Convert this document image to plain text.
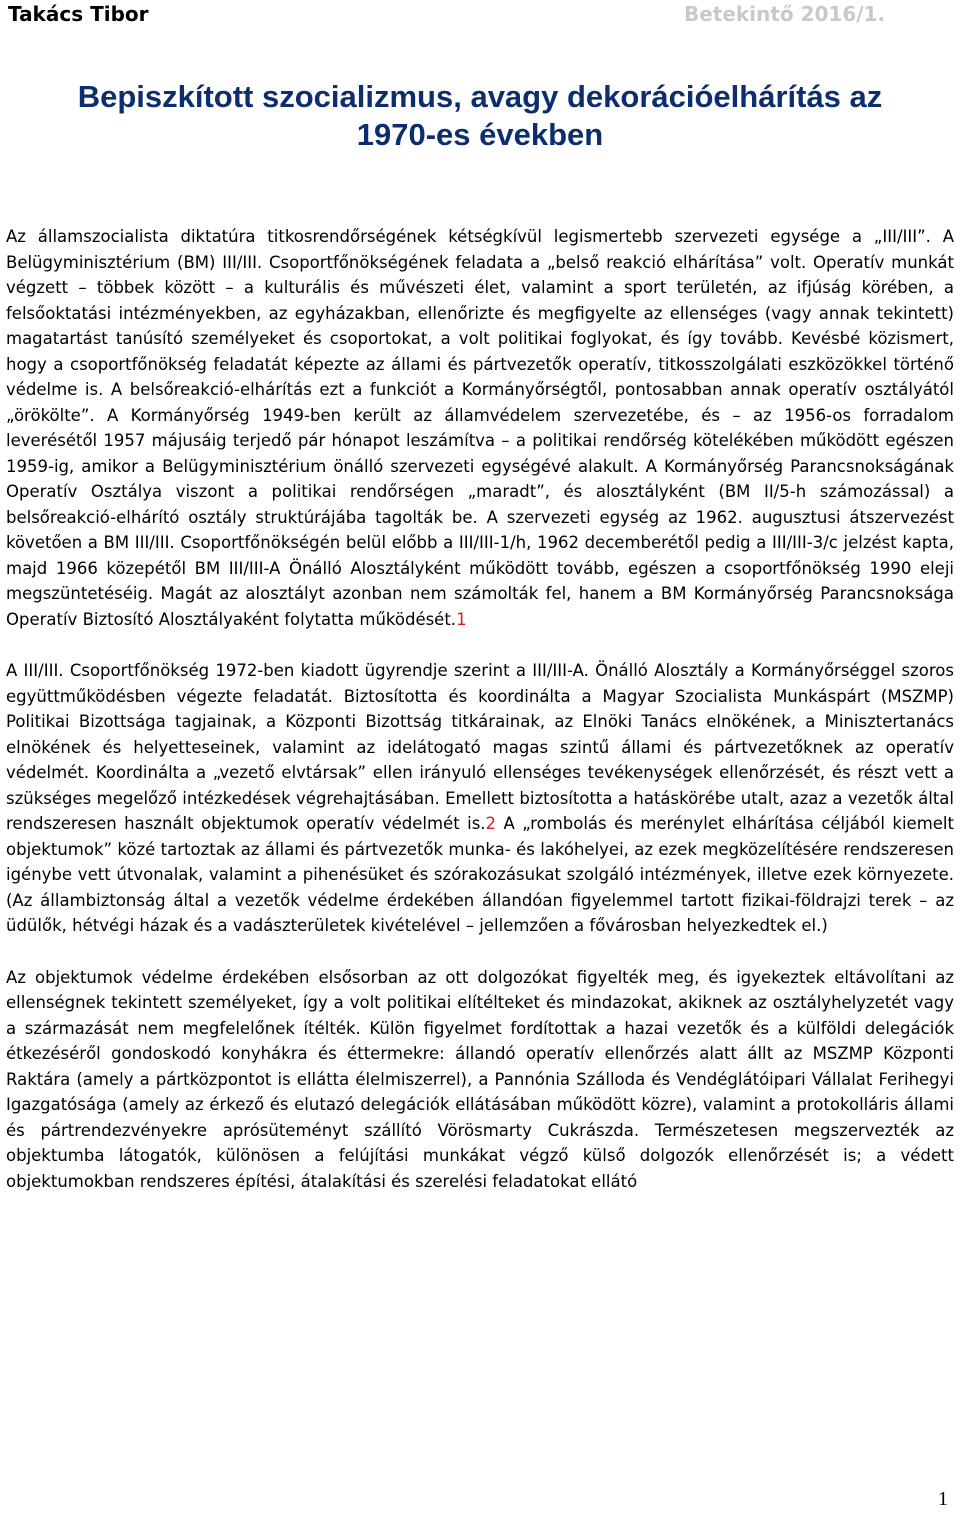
Takács Tibor	Betekintő 2016/1.
Bepiszkított szocializmus, avagy dekorációelhárítás az 1970-es években

Az államszocialista diktatúra titkosrendőrségének kétségkívül legismertebb szervezeti egysége a „III/III”. A Belügyminisztérium (BM) III/III. Csoportfőnökségének feladata a „belső reakció elhárítása” volt. Operatív munkát végzett – többek között – a kulturális és művészeti élet, valamint a sport területén, az ifjúság körében, a felsőoktatási intézményekben, az egyházakban, ellenőrizte és megfigyelte az ellenséges (vagy annak tekintett) magatartást tanúsító személyeket és csoportokat, a volt politikai foglyokat, és így tovább. Kevésbé közismert, hogy a csoportfőnökség feladatát képezte az állami és pártvezetők operatív, titkosszolgálati eszközökkel történő védelme is. A belsőreakció-elhárítás ezt a funkciót a Kormányőrségtől, pontosabban annak operatív osztályától „örökölte”. A Kormányőrség 1949-ben került az államvédelem szervezetébe, és – az 1956-os forradalom leverésétől 1957 májusáig terjedő pár hónapot leszámítva – a politikai rendőrség kötelékében működött egészen 1959-ig, amikor a Belügyminisztérium önálló szervezeti egységévé alakult. A Kormányőrség Parancsnokságának Operatív Osztálya viszont a politikai rendőrségen „maradt”, és alosztályként (BM II/5-h számozással) a belsőreakció-elhárító osztály struktúrájába tagolták be. A szervezeti egység az 1962. augusztusi átszervezést követően a BM III/III. Csoportfőnökségén belül előbb a III/III-1/h, 1962 decemberétől pedig a III/III-3/c jelzést kapta, majd 1966 közepétől BM III/III-A Önálló Alosztályként működött tovább, egészen a csoportfőnökség 1990 eleji megszüntetéséig. Magát az alosztályt azonban nem számolták fel, hanem a BM Kormányőrség Parancsnoksága Operatív Biztosító Alosztályaként folytatta működését.1

A III/III. Csoportfőnökség 1972-ben kiadott ügyrendje szerint a III/III-A. Önálló Alosztály a Kormányőrséggel szoros együttműködésben végezte feladatát. Biztosította és koordinálta a Magyar Szocialista Munkáspárt (MSZMP) Politikai Bizottsága tagjainak, a Központi Bizottság titkárainak, az Elnöki Tanács elnökének, a Minisztertanács elnökének és helyetteseinek, valamint az idelátogató magas szintű állami és pártvezetőknek az operatív védelmét. Koordinálta a „vezető elvtársak” ellen irányuló ellenséges tevékenységek ellenőrzését, és részt vett a szükséges megelőző intézkedések végrehajtásában. Emellett biztosította a hatáskörébe utalt, azaz a vezetők által rendszeresen használt objektumok operatív védelmét is.2 A „rombolás és merénylet elhárítása céljából kiemelt objektumok” közé tartoztak az állami és pártvezetők munka- és lakóhelyei, az ezek megközelítésére rendszeresen igénybe vett útvonalak, valamint a pihenésüket és szórakozásukat szolgáló intézmények, illetve ezek környezete. (Az állambiztonság által a vezetők védelme érdekében állandóan figyelemmel tartott fizikai-földrajzi terek – az üdülők, hétvégi házak és a vadászterületek kivételével – jellemzően a fővárosban helyezkedtek el.)

Az objektumok védelme érdekében elsősorban az ott dolgozókat figyelték meg, és igyekeztek eltávolítani az ellenségnek tekintett személyeket, így a volt politikai elítélteket és mindazokat, akiknek az osztályhelyzetét vagy a származását nem megfelelőnek ítélték. Külön figyelmet fordítottak a hazai vezetők és a külföldi delegációk étkezéséről gondoskodó konyhákra és éttermekre: állandó operatív ellenőrzés alatt állt az MSZMP Központi Raktára (amely a pártközpontot is ellátta élelmiszerrel), a Pannónia Szálloda és Vendéglátóipari Vállalat Ferihegyi Igazgatósága (amely az érkező és elutazó delegációk ellátásában működött közre), valamint a protokolláris állami és pártrendezvényekre aprósüteményt szállító Vörösmarty Cukrászda. Természetesen megszervezték az objektumba látogatók, különösen a felújítási munkákat végző külső dolgozók ellenőrzését is; a védett objektumokban rendszeres építési, átalakítási és szerelési feladatokat ellátó

1
